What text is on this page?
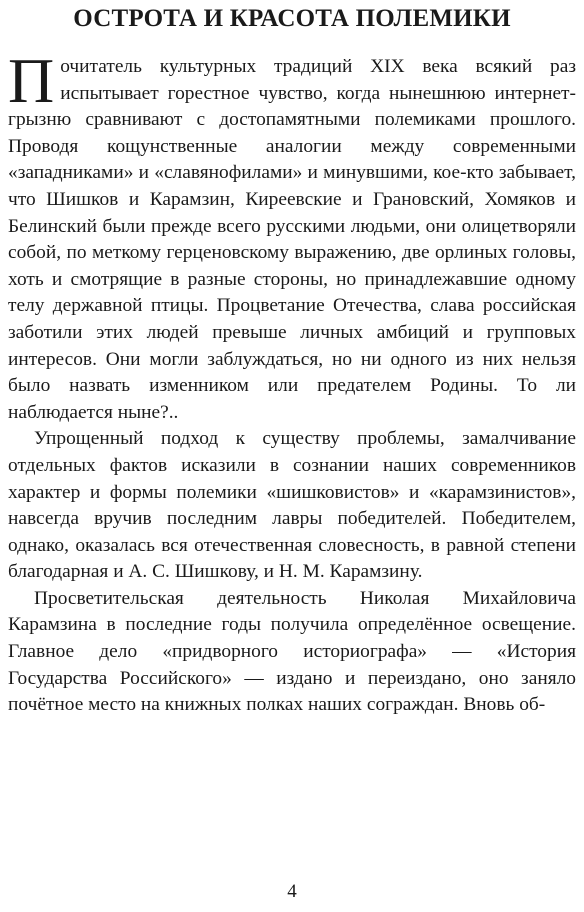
ОСТРОТА И КРАСОТА ПОЛЕМИКИ

Почитатель культурных традиций XIX века всякий раз испытывает горестное чувство, когда нынешнюю интернет-грызню сравнивают с достопамятными полемиками прошлого. Проводя кощунственные аналогии между современными «западниками» и «славянофилами» и минувшими, кое-кто забывает, что Шишков и Карамзин, Киреевские и Грановский, Хомяков и Белинский были прежде всего русскими людьми, они олицетворяли собой, по меткому герценовскому выражению, две орлиных головы, хоть и смотрящие в разные стороны, но принадлежавшие одному телу державной птицы. Процветание Отечества, слава российская заботили этих людей превыше личных амбиций и групповых интересов. Они могли заблуждаться, но ни одного из них нельзя было назвать изменником или предателем Родины. То ли наблюдается ныне?..

Упрощенный подход к существу проблемы, замалчивание отдельных фактов исказили в сознании наших современников характер и формы полемики «шишковистов» и «карамзинистов», навсегда вручив последним лавры победителей. Победителем, однако, оказалась вся отечественная словесность, в равной степени благодарная и А. С. Шишкову, и Н. М. Карамзину.

Просветительская деятельность Николая Михайловича Карамзина в последние годы получила определённое освещение. Главное дело «придворного историографа» — «История Государства Российского» — издано и переиздано, оно заняло почётное место на книжных полках наших сограждан. Вновь об-

4
